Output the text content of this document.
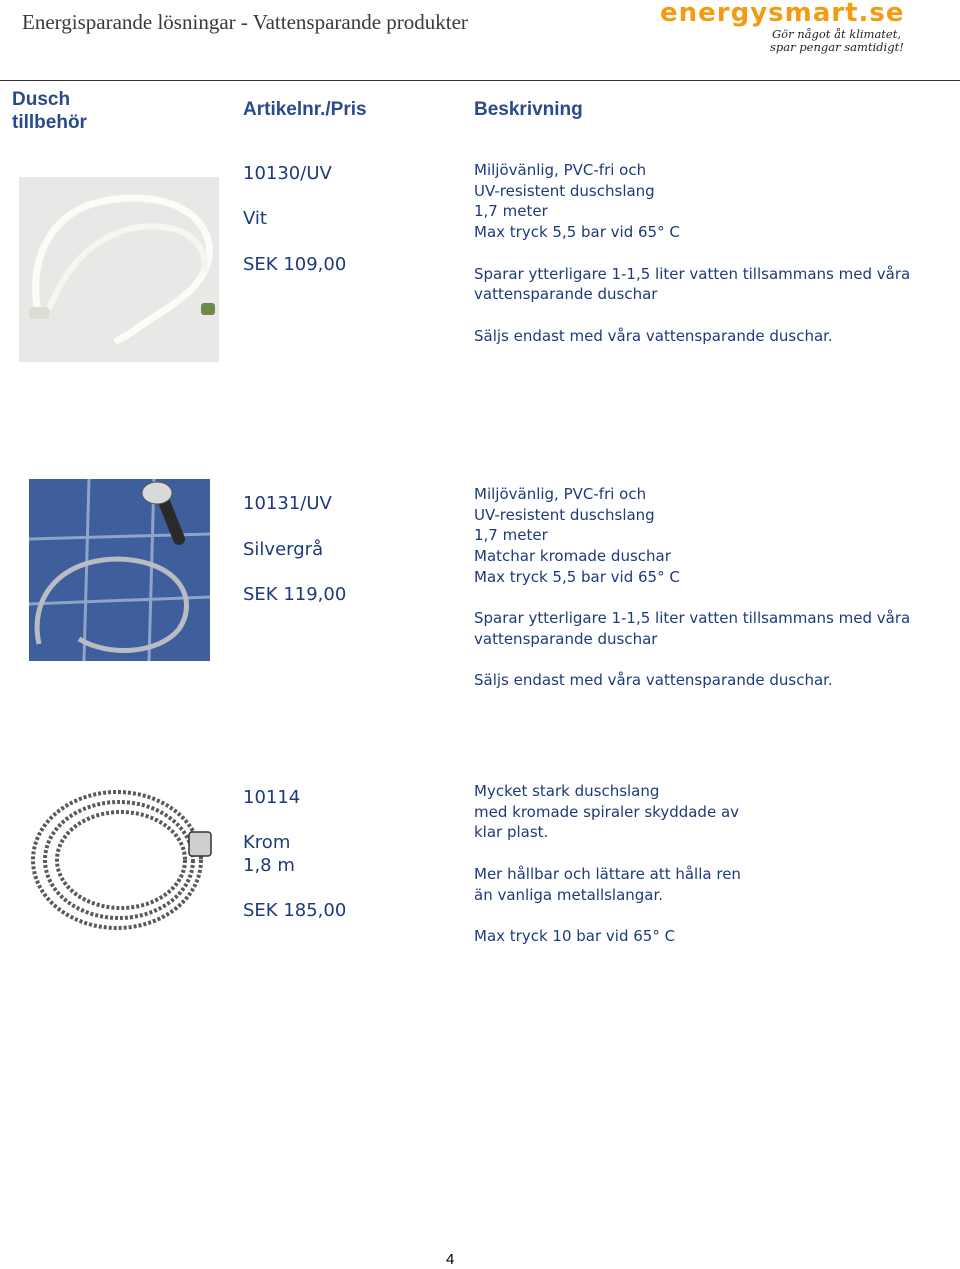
Energisparande lösningar - Vattensparande produkter	energysmart.se
Gör något åt klimatet,
spar pengar samtidigt!
Dusch tillbehör
Artikelnr./Pris	Beskrivning
10130/UV
Vit
SEK 109,00

Miljövänlig, PVC-fri och

UV-resistent duschslang

1,7 meter

Max tryck 5,5 bar vid 65° C

Sparar ytterligare 1-1,5 liter vatten tillsammans med våra vattensparande duschar

Säljs endast med våra vattensparande duschar.

10131/UV
Silvergrå
SEK 119,00

Miljövänlig, PVC-fri och

UV-resistent duschslang

1,7 meter

Matchar kromade duschar

Max tryck 5,5 bar vid 65° C

Sparar ytterligare 1-1,5 liter vatten tillsammans med våra vattensparande duschar

Säljs endast med våra vattensparande duschar.

10114
Krom
1,8 m
SEK 185,00

Mycket stark duschslang

med kromade spiraler skyddade av

klar plast.

Mer hållbar och lättare att hålla ren

än vanliga metallslangar.

Max tryck 10 bar vid 65° C

4
